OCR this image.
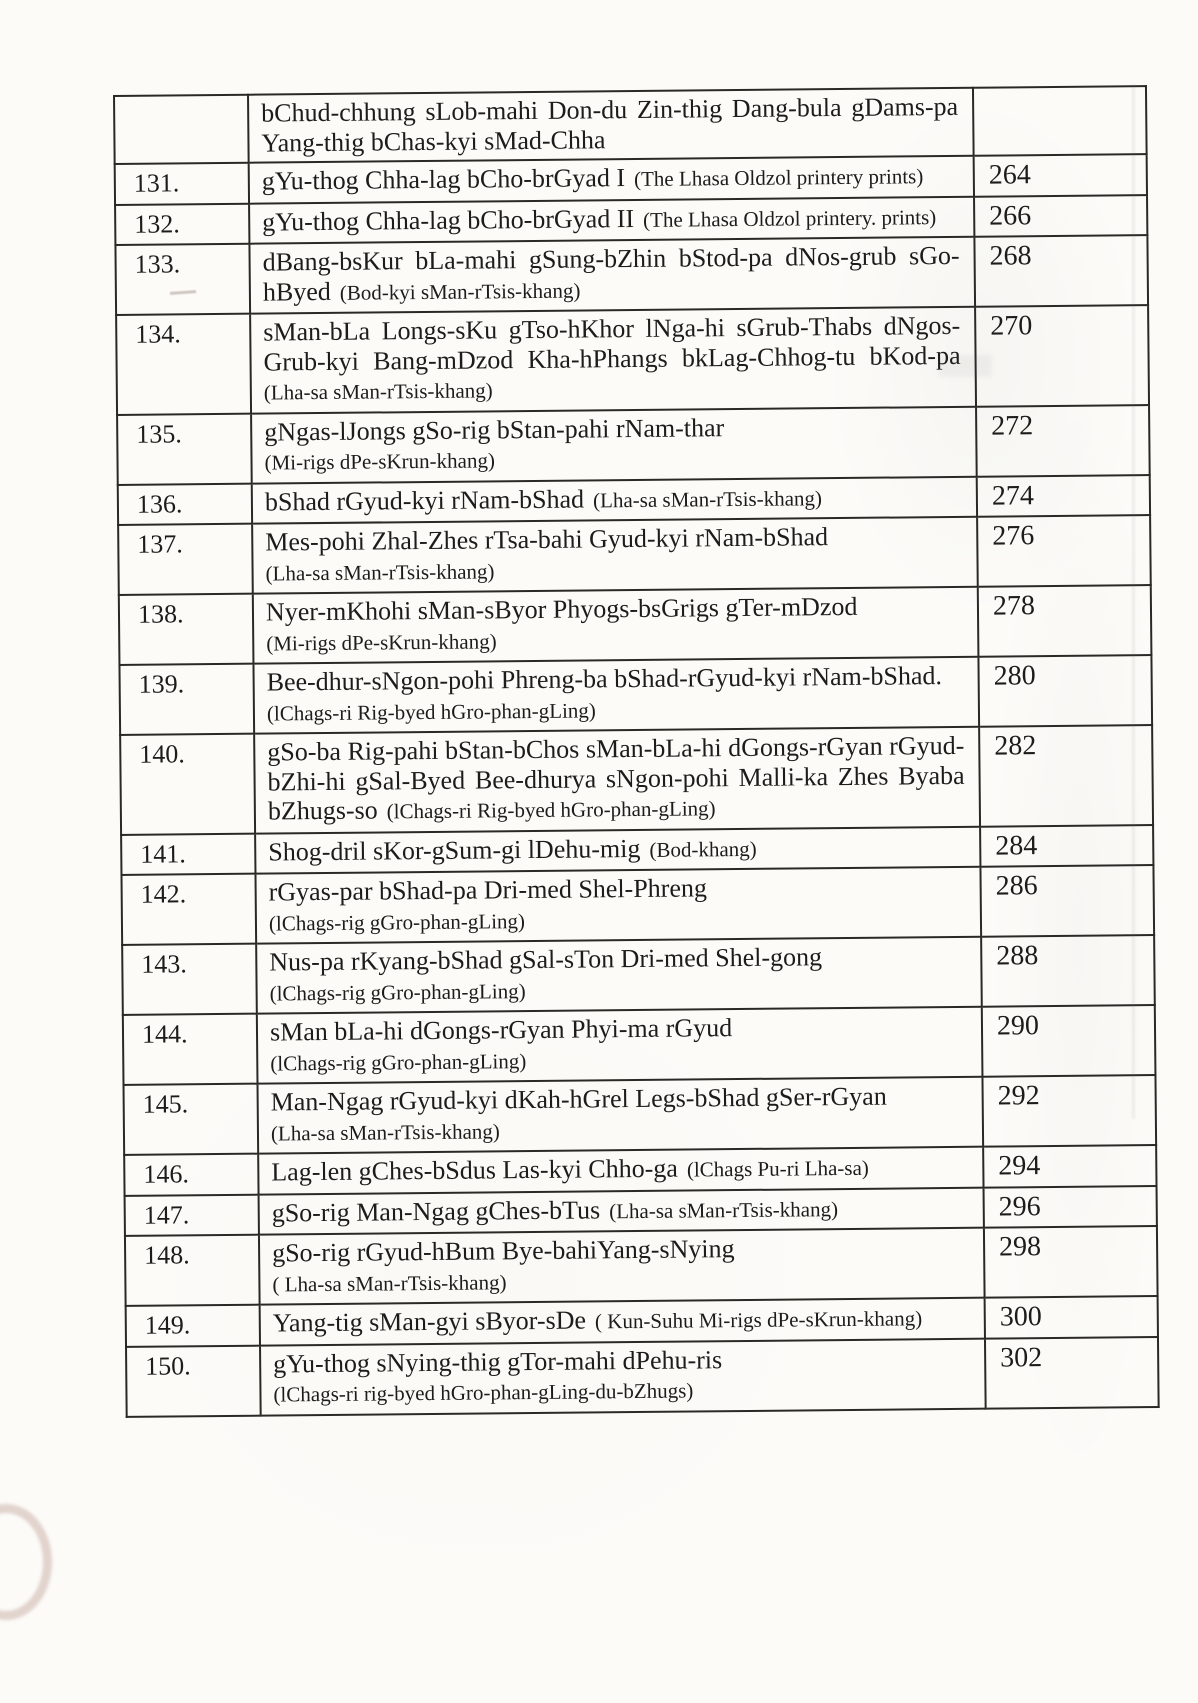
	bChud-chhung sLob-mahi Don-du Zin-thig Dang-bula gDams-pa
Yang-thig bChas-kyi sMad-Chha	

131.	gYu-thog Chha-lag bCho-brGyad I (The Lhasa Oldzol printery prints)	264
132.	gYu-thog Chha-lag bCho-brGyad II (The Lhasa Oldzol printery. prints)	266
133.	dBang-bsKur bLa-mahi gSung-bZhin bStod-pa dNos-grub sGo-
hByed (Bod-kyi sMan-rTsis-khang)	268
134.	sMan-bLa Longs-sKu gTso-hKhor lNga-hi sGrub-Thabs dNgos-
Grub-kyi Bang-mDzod Kha-hPhangs bkLag-Chhog-tu bKod-pa
(Lha-sa sMan-rTsis-khang)	270
135.	gNgas-lJongs gSo-rig bStan-pahi rNam-thar
(Mi-rigs dPe-sKrun-khang)	272
136.	bShad rGyud-kyi rNam-bShad (Lha-sa sMan-rTsis-khang)	274
137.	Mes-pohi Zhal-Zhes rTsa-bahi Gyud-kyi rNam-bShad
(Lha-sa sMan-rTsis-khang)	276
138.	Nyer-mKhohi sMan-sByor Phyogs-bsGrigs gTer-mDzod
(Mi-rigs dPe-sKrun-khang)	278
139.	Bee-dhur-sNgon-pohi Phreng-ba bShad-rGyud-kyi rNam-bShad.
(lChags-ri Rig-byed hGro-phan-gLing)	280
140.	gSo-ba Rig-pahi bStan-bChos sMan-bLa-hi dGongs-rGyan rGyud-
bZhi-hi gSal-Byed Bee-dhurya sNgon-pohi Malli-ka Zhes Byaba
bZhugs-so (lChags-ri Rig-byed hGro-phan-gLing)	282
141.	Shog-dril sKor-gSum-gi lDehu-mig (Bod-khang)	284
142.	rGyas-par bShad-pa Dri-med Shel-Phreng
(lChags-rig gGro-phan-gLing)	286
143.	Nus-pa rKyang-bShad gSal-sTon Dri-med Shel-gong
(lChags-rig gGro-phan-gLing)	288
144.	sMan bLa-hi dGongs-rGyan Phyi-ma rGyud
(lChags-rig gGro-phan-gLing)	290
145.	Man-Ngag rGyud-kyi dKah-hGrel Legs-bShad gSer-rGyan
(Lha-sa sMan-rTsis-khang)	292
146.	Lag-len gChes-bSdus Las-kyi Chho-ga (lChags Pu-ri Lha-sa)	294
147.	gSo-rig Man-Ngag gChes-bTus (Lha-sa sMan-rTsis-khang)	296
148.	gSo-rig rGyud-hBum Bye-bahiYang-sNying
( Lha-sa sMan-rTsis-khang)	298
149.	Yang-tig sMan-gyi sByor-sDe ( Kun-Suhu Mi-rigs dPe-sKrun-khang)	300
150.	gYu-thog sNying-thig gTor-mahi dPehu-ris
(lChags-ri rig-byed hGro-phan-gLing-du-bZhugs)	302
